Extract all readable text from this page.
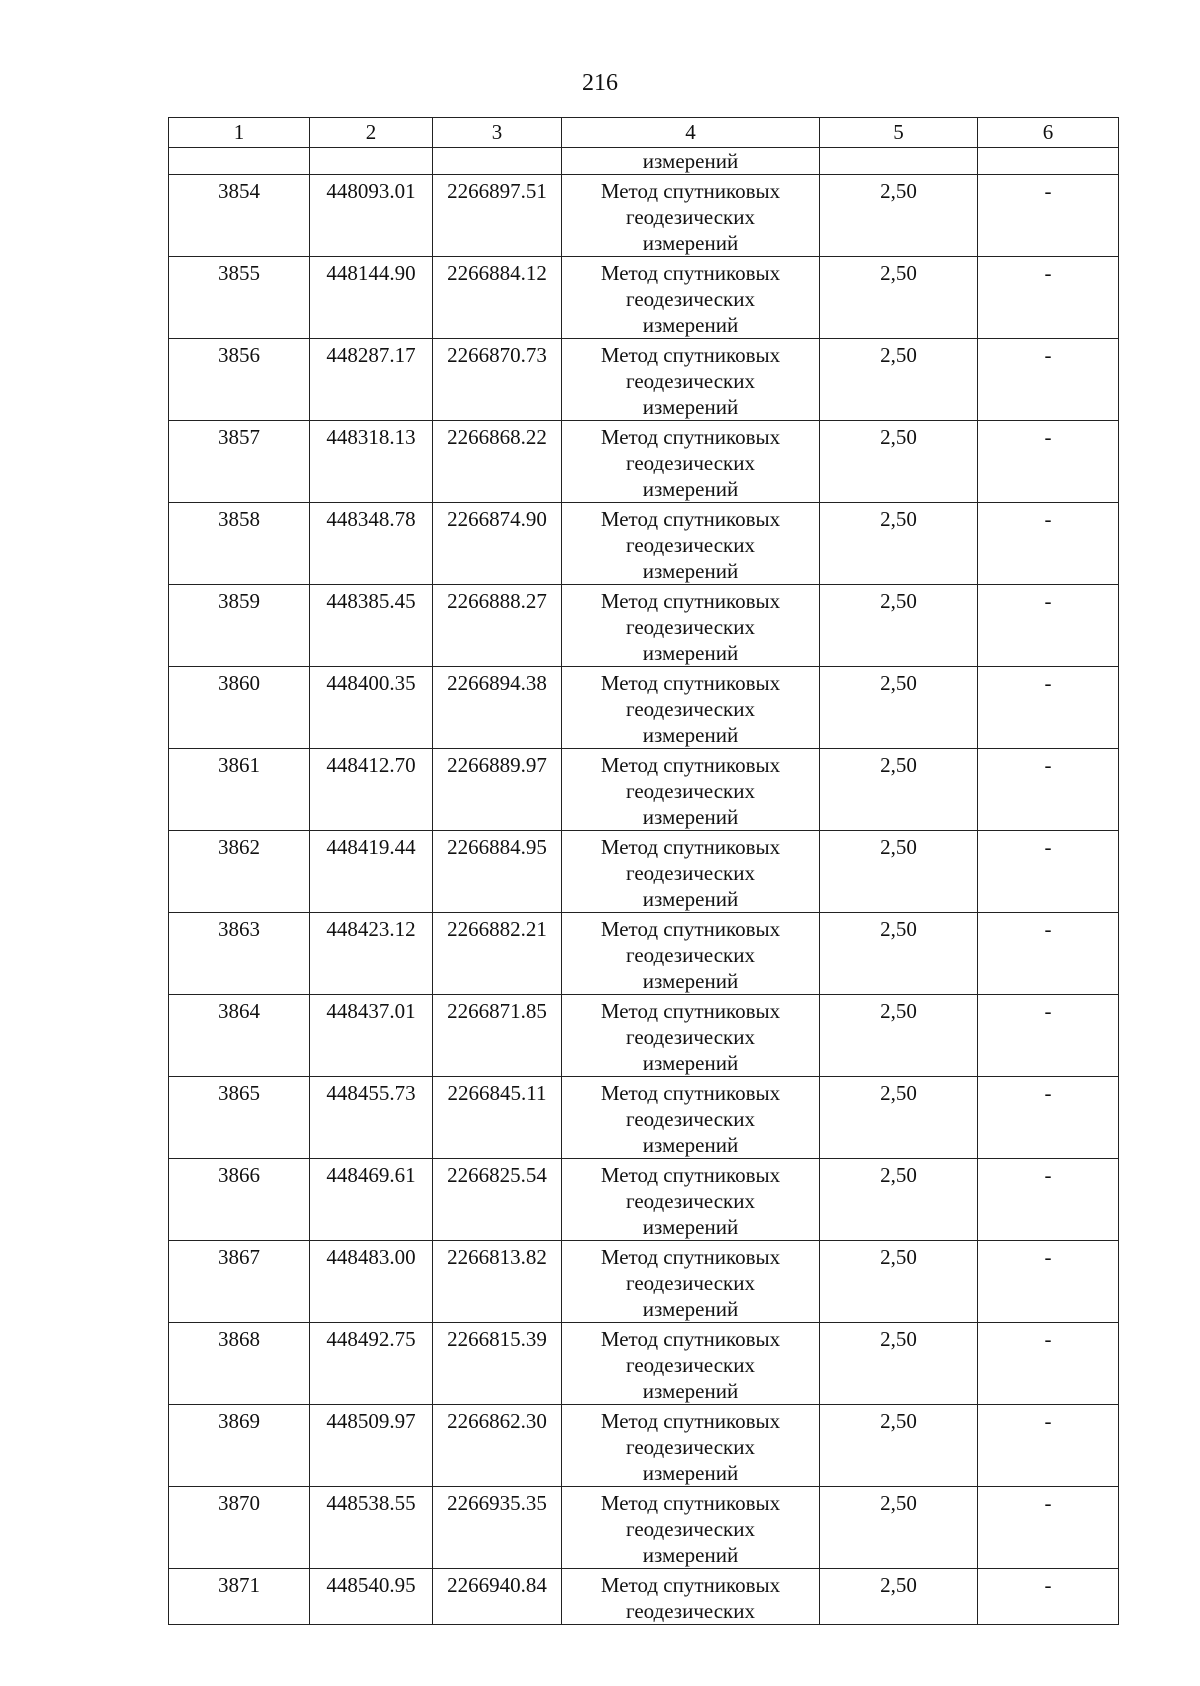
216
1	2	3	4	5	6
			измерений		
3854	448093.01	2266897.51	Метод спутниковых
геодезических
измерений	2,50	-
3855	448144.90	2266884.12	Метод спутниковых
геодезических
измерений	2,50	-
3856	448287.17	2266870.73	Метод спутниковых
геодезических
измерений	2,50	-
3857	448318.13	2266868.22	Метод спутниковых
геодезических
измерений	2,50	-
3858	448348.78	2266874.90	Метод спутниковых
геодезических
измерений	2,50	-
3859	448385.45	2266888.27	Метод спутниковых
геодезических
измерений	2,50	-
3860	448400.35	2266894.38	Метод спутниковых
геодезических
измерений	2,50	-
3861	448412.70	2266889.97	Метод спутниковых
геодезических
измерений	2,50	-
3862	448419.44	2266884.95	Метод спутниковых
геодезических
измерений	2,50	-
3863	448423.12	2266882.21	Метод спутниковых
геодезических
измерений	2,50	-
3864	448437.01	2266871.85	Метод спутниковых
геодезических
измерений	2,50	-
3865	448455.73	2266845.11	Метод спутниковых
геодезических
измерений	2,50	-
3866	448469.61	2266825.54	Метод спутниковых
геодезических
измерений	2,50	-
3867	448483.00	2266813.82	Метод спутниковых
геодезических
измерений	2,50	-
3868	448492.75	2266815.39	Метод спутниковых
геодезических
измерений	2,50	-
3869	448509.97	2266862.30	Метод спутниковых
геодезических
измерений	2,50	-
3870	448538.55	2266935.35	Метод спутниковых
геодезических
измерений	2,50	-
3871	448540.95	2266940.84	Метод спутниковых
геодезических	2,50	-
